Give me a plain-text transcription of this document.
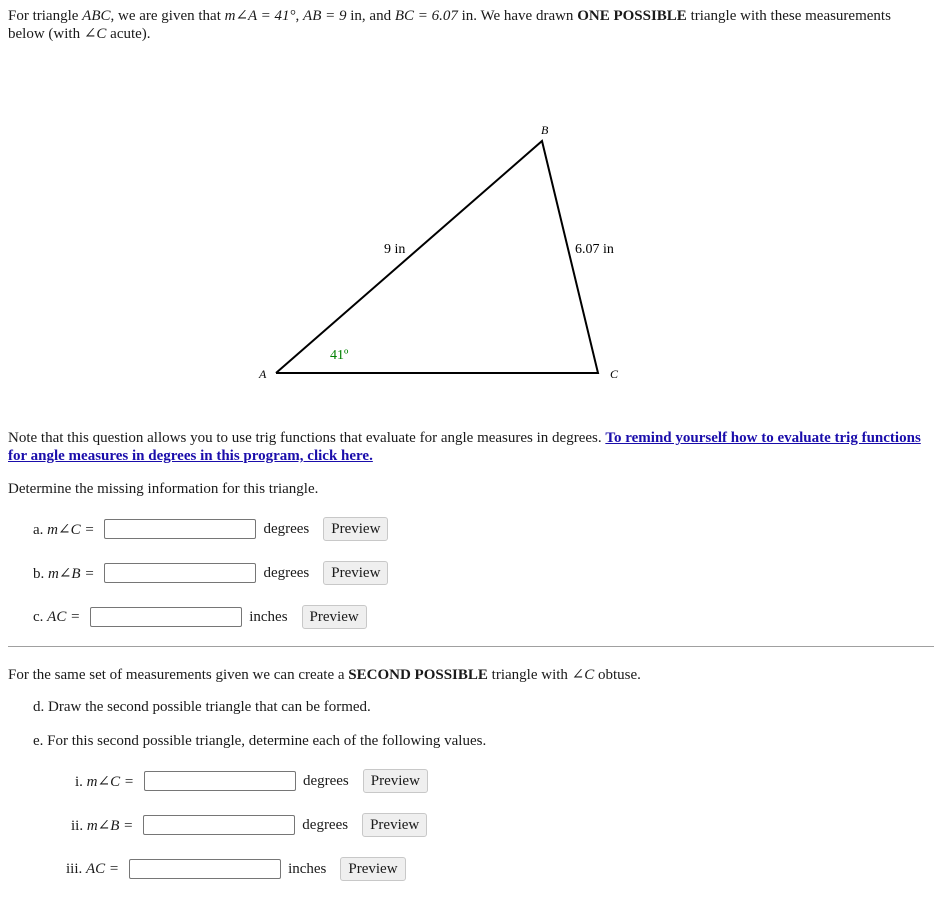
For triangle ABC, we are given that m∠A = 41°, AB = 9 in, and BC = 6.07 in. We have drawn ONE POSSIBLE triangle with these measurements below (with ∠C acute).
A
B
C
9 in	6.07 in
41º
Note that this question allows you to use trig functions that evaluate for angle measures in degrees. To remind yourself how to evaluate trig functions for angle measures in degrees in this program, click here.
Determine the missing information for this triangle.
a. m∠C =	degrees	Preview
b. m∠B =	degrees	Preview
c. AC =	inches	Preview
For the same set of measurements given we can create a SECOND POSSIBLE triangle with ∠C obtuse.
d. Draw the second possible triangle that can be formed.
e. For this second possible triangle, determine each of the following values.
i. m∠C =	degrees	Preview
ii. m∠B =	degrees	Preview
iii. AC =	inches	Preview
